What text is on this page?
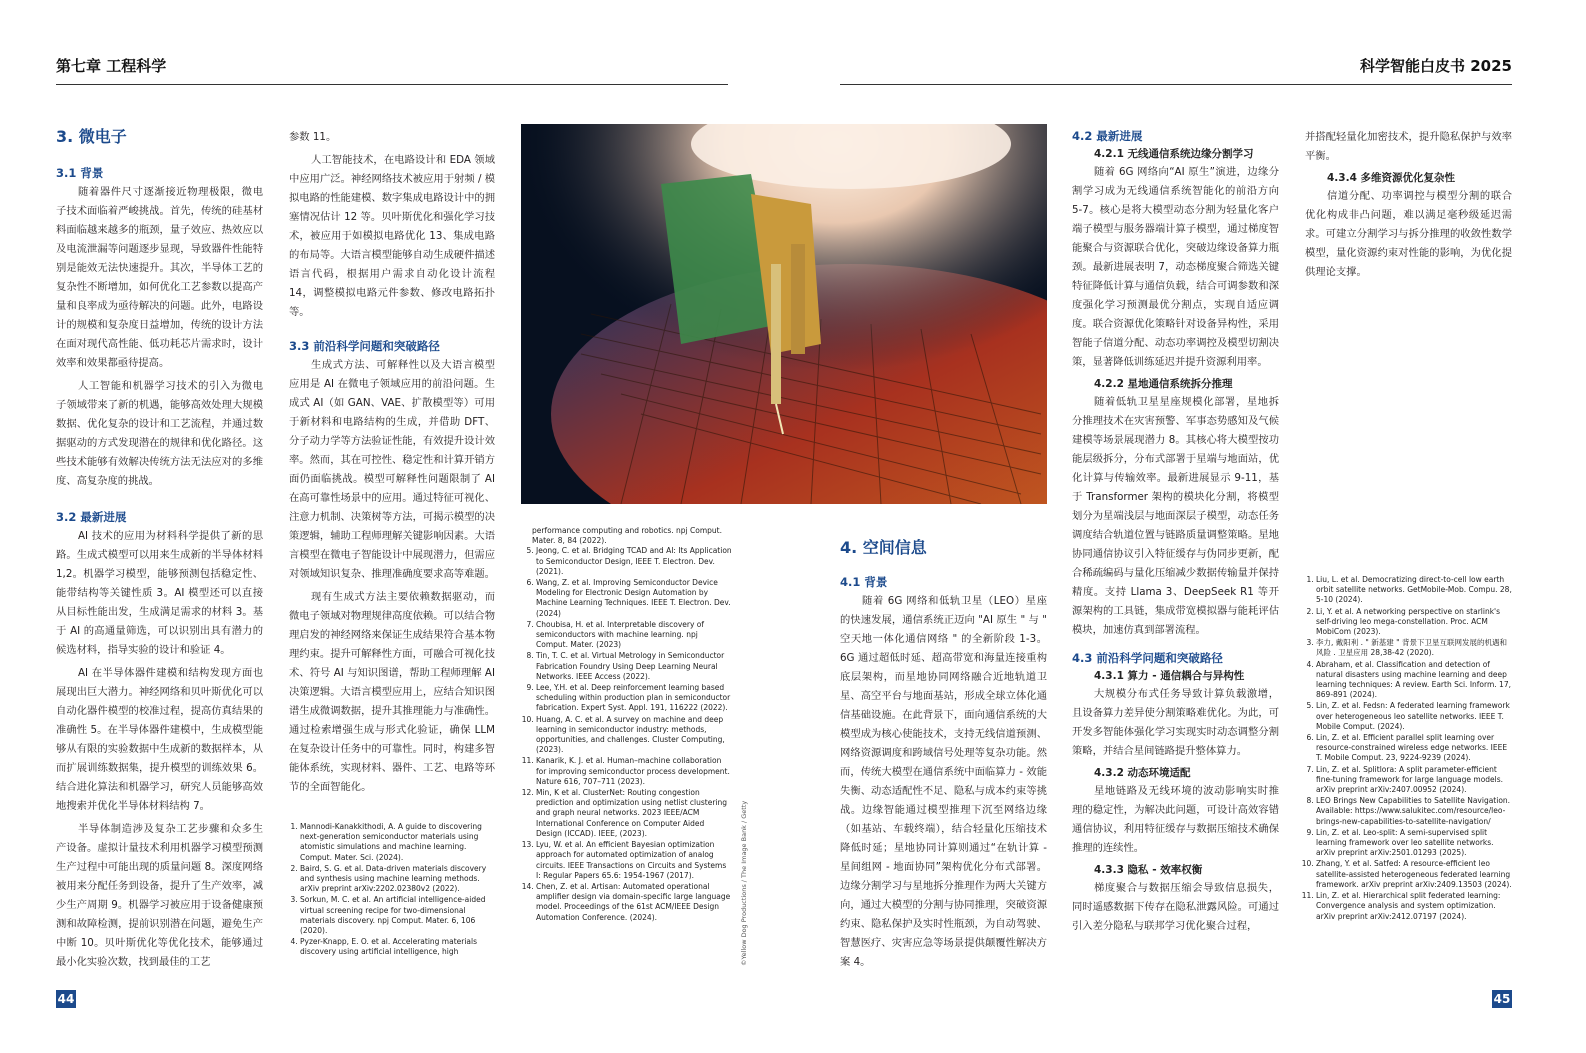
第七章 工程科学	科学智能白皮书 2025
3. 微电子
3.1 背景

随着器件尺寸逐渐接近物理极限，微电子技术面临着严峻挑战。首先，传统的硅基材料面临越来越多的瓶颈，量子效应、热效应以及电流泄漏等问题逐步显现，导致器件性能特别是能效无法快速提升。其次，半导体工艺的复杂性不断增加，如何优化工艺参数以提高产量和良率成为亟待解决的问题。此外，电路设计的规模和复杂度日益增加，传统的设计方法在面对现代高性能、低功耗芯片需求时，设计效率和效果都亟待提高。

人工智能和机器学习技术的引入为微电子领域带来了新的机遇，能够高效处理大规模数据、优化复杂的设计和工艺流程，并通过数据驱动的方式发现潜在的规律和优化路径。这些技术能够有效解决传统方法无法应对的多维度、高复杂度的挑战。

3.2 最新进展

AI 技术的应用为材料科学提供了新的思路。生成式模型可以用来生成新的半导体材料 1,2。机器学习模型，能够预测包括稳定性、能带结构等关键性质 3。AI 模型还可以直接从目标性能出发，生成满足需求的材料 3。基于 AI 的高通量筛选，可以识别出具有潜力的候选材料，指导实验的设计和验证 4。

AI 在半导体器件建模和结构发现方面也展现出巨大潜力。神经网络和贝叶斯优化可以自动化器件模型的校准过程，提高仿真结果的准确性 5。在半导体器件建模中，生成模型能够从有限的实验数据中生成新的数据样本，从而扩展训练数据集，提升模型的训练效果 6。结合进化算法和机器学习，研究人员能够高效地搜索并优化半导体材料结构 7。

半导体制造涉及复杂工艺步骤和众多生产设备。虚拟计量技术利用机器学习模型预测生产过程中可能出现的质量问题 8。深度网络被用来分配任务到设备，提升了生产效率，减少生产周期 9。机器学习被应用于设备健康预测和故障检测，提前识别潜在问题，避免生产中断 10。贝叶斯优化等优化技术，能够通过最小化实验次数，找到最佳的工艺

参数 11。

人工智能技术，在电路设计和 EDA 领域中应用广泛。神经网络技术被应用于射频 / 模拟电路的性能建模、数字集成电路设计中的拥塞情况估计 12 等。贝叶斯优化和强化学习技术，被应用于如模拟电路优化 13、集成电路的布局等。大语言模型能够自动生成硬件描述语言代码，根据用户需求自动化设计流程 14，调整模拟电路元件参数、修改电路拓扑等。

3.3 前沿科学问题和突破路径

生成式方法、可解释性以及大语言模型应用是 AI 在微电子领域应用的前沿问题。生成式 AI（如 GAN、VAE、扩散模型等）可用于新材料和电路结构的生成，并借助 DFT、分子动力学等方法验证性能，有效提升设计效率。然而，其在可控性、稳定性和计算开销方面仍面临挑战。模型可解释性问题限制了 AI 在高可靠性场景中的应用。通过特征可视化、注意力机制、决策树等方法，可揭示模型的决策逻辑，辅助工程师理解关键影响因素。大语言模型在微电子智能设计中展现潜力，但需应对领域知识复杂、推理准确度要求高等难题。

现有生成式方法主要依赖数据驱动，而微电子领域对物理规律高度依赖。可以结合物理启发的神经网络来保证生成结果符合基本物理约束。提升可解释性方面，可融合可视化技术、符号 AI 与知识图谱，帮助工程师理解 AI 决策逻辑。大语言模型应用上，应结合知识图谱生成微调数据，提升其推理能力与准确性。通过检索增强生成与形式化验证，确保 LLM 在复杂设计任务中的可靠性。同时，构建多智能体系统，实现材料、器件、工艺、电路等环节的全面智能化。

1. Mannodi-Kanakkithodi, A. A guide to discovering next-generation semiconductor materials using atomistic simulations and machine learning. Comput. Mater. Sci. (2024).
2. Baird, S. G. et al. Data-driven materials discovery and synthesis using machine learning methods. arXiv preprint arXiv:2202.02380v2 (2022).
3. Sorkun, M. C. et al. An artificial intelligence-aided virtual screening recipe for two-dimensional materials discovery. npj Comput. Mater. 6, 106 (2020).
4. Pyzer-Knapp, E. O. et al. Accelerating materials discovery using artificial intelligence, high	©Yellow Dog Productions / The Image Bank / Getty
performance computing and robotics. npj Comput. Mater. 8, 84 (2022).
5. Jeong, C. et al. Bridging TCAD and AI: Its Application to Semiconductor Design, IEEE T. Electron. Dev. (2021).
6. Wang, Z. et al. Improving Semiconductor Device Modeling for Electronic Design Automation by Machine Learning Techniques. IEEE T. Electron. Dev. (2024)
7. Choubisa, H. et al. Interpretable discovery of semiconductors with machine learning. npj Comput. Mater. (2023)
8. Tin, T. C. et al. Virtual Metrology in Semiconductor Fabrication Foundry Using Deep Learning Neural Networks. IEEE Access (2022).
9. Lee, Y.H. et al. Deep reinforcement learning based scheduling within production plan in semiconductor fabrication. Expert Syst. Appl. 191, 116222 (2022).
10. Huang, A. C. et al. A survey on machine and deep learning in semiconductor industry: methods, opportunities, and challenges. Cluster Computing, (2023).
11. Kanarik, K. J. et al. Human–machine collaboration for improving semiconductor process development. Nature 616, 707–711 (2023).
12. Min, K et al. ClusterNet: Routing congestion prediction and optimization using netlist clustering and graph neural networks. 2023 IEEE/ACM International Conference on Computer Aided Design (ICCAD). IEEE, (2023).
13. Lyu, W. et al. An efficient Bayesian optimization approach for automated optimization of analog circuits. IEEE Transactions on Circuits and Systems I: Regular Papers 65.6: 1954-1967 (2017).
14. Chen, Z. et al. Artisan: Automated operational amplifier design via domain-specific large language model. Proceedings of the 61st ACM/IEEE Design Automation Conference. (2024).
4. 空间信息
4.1 背景

随着 6G 网络和低轨卫星（LEO）星座的快速发展，通信系统正迈向 "AI 原生 " 与 " 空天地一体化通信网络 " 的全新阶段 1-3。6G 通过超低时延、超高带宽和海量连接重构底层架构，而星地协同网络融合近地轨道卫星、高空平台与地面基站，形成全球立体化通信基础设施。在此背景下，面向通信系统的大模型成为核心使能技术，支持无线信道预测、网络资源调度和跨域信号处理等复杂功能。然而，传统大模型在通信系统中面临算力 - 效能失衡、动态适配性不足、隐私与成本约束等挑战。边缘智能通过模型推理下沉至网络边缘（如基站、车载终端），结合轻量化压缩技术降低时延；星地协同计算则通过“在轨计算 - 星间组网 - 地面协同”架构优化分布式部署。边缘分割学习与星地拆分推理作为两大关键方向，通过大模型的分割与协同推理，突破资源约束、隐私保护及实时性瓶颈，为自动驾驶、智慧医疗、灾害应急等场景提供颠覆性解决方案 4。

4.2 最新进展
4.2.1 无线通信系统边缘分割学习

随着 6G 网络向“AI 原生”演进，边缘分割学习成为无线通信系统智能化的前沿方向 5-7。核心是将大模型动态分割为轻量化客户端子模型与服务器端计算子模型，通过梯度智能聚合与资源联合优化，突破边缘设备算力瓶颈。最新进展表明 7，动态梯度聚合筛选关键特征降低计算与通信负载，结合可调参数和深度强化学习预测最优分割点，实现自适应调度。联合资源优化策略针对设备异构性，采用智能子信道分配、动态功率调控及模型切割决策，显著降低训练延迟并提升资源利用率。

4.2.2 星地通信系统拆分推理

随着低轨卫星星座规模化部署，星地拆分推理技术在灾害预警、军事态势感知及气候建模等场景展现潜力 8。其核心将大模型按功能层级拆分，分布式部署于星端与地面站，优化计算与传输效率。最新进展显示 9-11，基于 Transformer 架构的模块化分割，将模型划分为星端浅层与地面深层子模型，动态任务调度结合轨道位置与链路质量调整策略。星地协同通信协议引入特征缓存与伪同步更新，配合稀疏编码与量化压缩减少数据传输量并保持精度。支持 Llama 3、DeepSeek R1 等开源架构的工具链，集成带宽模拟器与能耗评估模块，加速仿真到部署流程。

4.3 前沿科学问题和突破路径
4.3.1 算力 - 通信耦合与异构性

大规模分布式任务导致计算负载激增，且设备算力差异使分割策略难优化。为此，可开发多智能体强化学习实现实时动态调整分割策略，并结合星间链路提升整体算力。

4.3.2 动态环境适配

星地链路及无线环境的波动影响实时推理的稳定性，为解决此问题，可设计高效容错通信协议，利用特征缓存与数据压缩技术确保推理的连续性。

4.3.3 隐私 - 效率权衡

梯度聚合与数据压缩会导致信息损失，同时遥感数据下传存在隐私泄露风险。可通过引入差分隐私与联邦学习优化聚合过程，

并搭配轻量化加密技术，提升隐私保护与效率平衡。

4.3.4 多维资源优化复杂性

信道分配、功率调控与模型分割的联合优化构成非凸问题，难以满足毫秒级延迟需求。可建立分割学习与拆分推理的收敛性数学模型，量化资源约束对性能的影响，为优化提供理论支撑。

1. Liu, L. et al. Democratizing direct-to-cell low earth orbit satellite networks. GetMobile-Mob. Compu. 28, 5-10 (2024).
2. Li, Y. et al. A networking perspective on starlink's self-driving leo mega-constellation. Proc. ACM MobiCom (2023).
3. 李力, 戴阳利 . " 新基建 " 背景下卫星互联网发展的机遇和风险 . 卫星应用 28,38-42 (2020).
4. Abraham, et al. Classification and detection of natural disasters using machine learning and deep learning techniques: A review. Earth Sci. Inform. 17, 869-891 (2024).
5. Lin, Z. et al. Fedsn: A federated learning framework over heterogeneous leo satellite networks. IEEE T. Mobile Comput. (2024).
6. Lin, Z. et al. Efficient parallel split learning over resource-constrained wireless edge networks. IEEE T. Mobile Comput. 23, 9224-9239 (2024).
7. Lin, Z. et al. Splitlora: A split parameter-efficient fine-tuning framework for large language models. arXiv preprint arXiv:2407.00952 (2024).
8. LEO Brings New Capabilities to Satellite Navigation. Available: https://www.salukitec.com/resource/leo-brings-new-capabilities-to-satellite-navigation/
9. Lin, Z. et al. Leo-split: A semi-supervised split learning framework over leo satellite networks. arXiv preprint arXiv:2501.01293 (2025).
10. Zhang, Y. et al. Satfed: A resource-efficient leo satellite-assisted heterogeneous federated learning framework. arXiv preprint arXiv:2409.13503 (2024).
11. Lin, Z. et al. Hierarchical split federated learning: Convergence analysis and system optimization. arXiv preprint arXiv:2412.07197 (2024).
44	45
